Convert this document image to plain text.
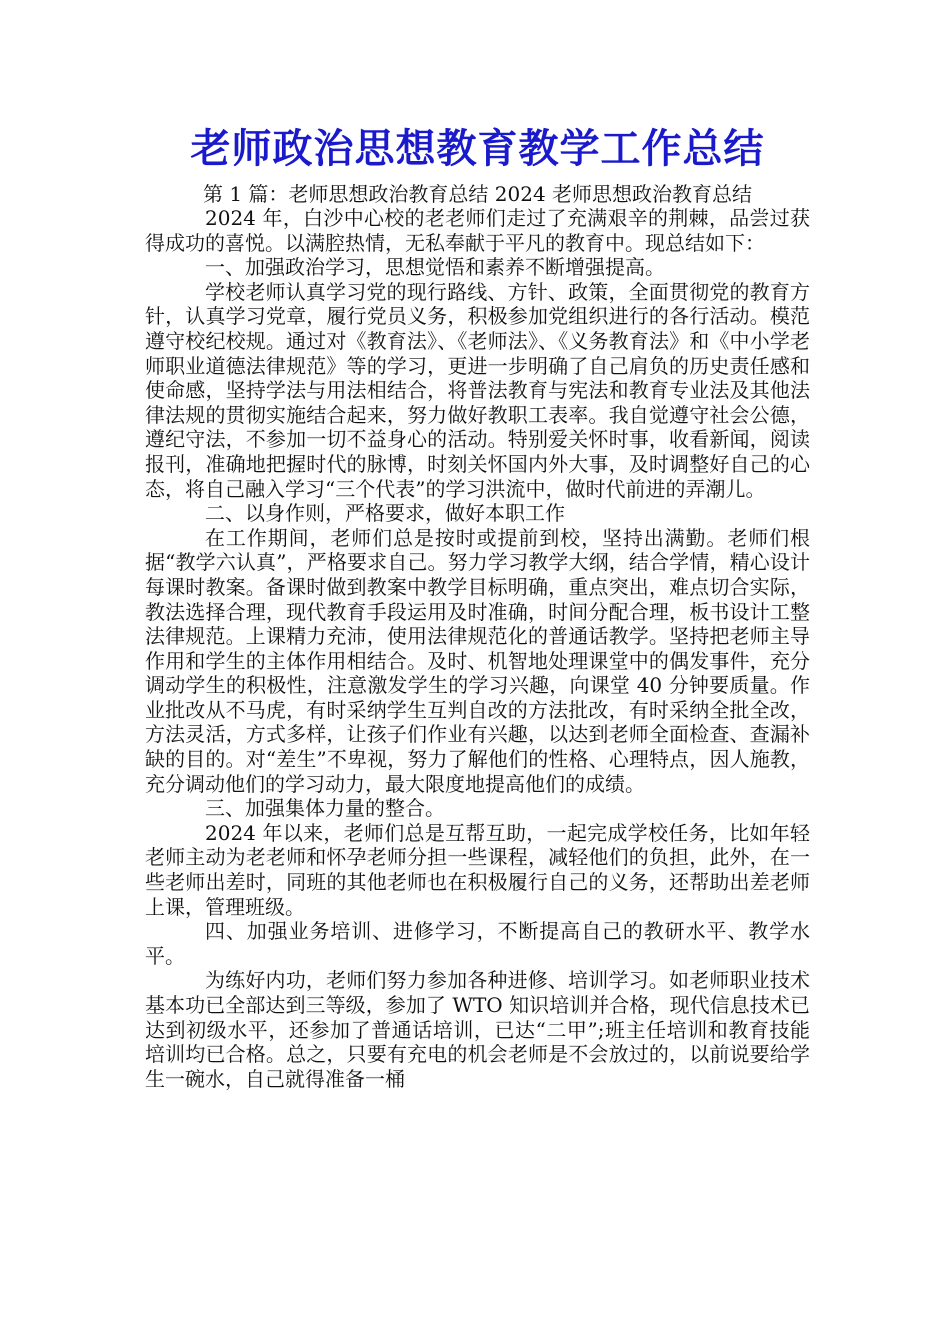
老师政治思想教育教学工作总结

第 1 篇：老师思想政治教育总结 2024 老师思想政治教育总结

2024 年，白沙中心校的老老师们走过了充满艰辛的荆棘，品尝过获得成功的喜悦。以满腔热情，无私奉献于平凡的教育中。现总结如下：

一、加强政治学习，思想觉悟和素养不断增强提高。

学校老师认真学习党的现行路线、方针、政策，全面贯彻党的教育方针，认真学习党章，履行党员义务，积极参加党组织进行的各行活动。模范遵守校纪校规。通过对《教育法》、《老师法》、《义务教育法》和《中小学老师职业道德法律规范》等的学习，更进一步明确了自己肩负的历史责任感和使命感，坚持学法与用法相结合，将普法教育与宪法和教育专业法及其他法律法规的贯彻实施结合起来，努力做好教职工表率。我自觉遵守社会公德，遵纪守法，不参加一切不益身心的活动。特别爱关怀时事，收看新闻，阅读报刊，准确地把握时代的脉博，时刻关怀国内外大事，及时调整好自己的心态，将自己融入学习“三个代表”的学习洪流中，做时代前进的弄潮儿。

二、以身作则，严格要求，做好本职工作

在工作期间，老师们总是按时或提前到校，坚持出满勤。老师们根据“教学六认真”，严格要求自己。努力学习教学大纲，结合学情，精心设计每课时教案。备课时做到教案中教学目标明确，重点突出，难点切合实际，教法选择合理，现代教育手段运用及时准确，时间分配合理，板书设计工整法律规范。上课精力充沛，使用法律规范化的普通话教学。坚持把老师主导作用和学生的主体作用相结合。及时、机智地处理课堂中的偶发事件，充分调动学生的积极性，注意激发学生的学习兴趣，向课堂 40 分钟要质量。作业批改从不马虎，有时采纳学生互判自改的方法批改，有时采纳全批全改，方法灵活，方式多样，让孩子们作业有兴趣，以达到老师全面检查、查漏补缺的目的。对“差生”不卑视，努力了解他们的性格、心理特点，因人施教，充分调动他们的学习动力，最大限度地提高他们的成绩。

三、加强集体力量的整合。

2024 年以来，老师们总是互帮互助，一起完成学校任务，比如年轻老师主动为老老师和怀孕老师分担一些课程，减轻他们的负担，此外，在一些老师出差时，同班的其他老师也在积极履行自己的义务，还帮助出差老师上课，管理班级。

四、加强业务培训、进修学习，不断提高自己的教研水平、教学水平。

为练好内功，老师们努力参加各种进修、培训学习。如老师职业技术基本功已全部达到三等级，参加了 WTO 知识培训并合格，现代信息技术已达到初级水平，还参加了普通话培训，已达“二甲”;班主任培训和教育技能培训均已合格。总之，只要有充电的机会老师是不会放过的，以前说要给学生一碗水，自己就得准备一桶
